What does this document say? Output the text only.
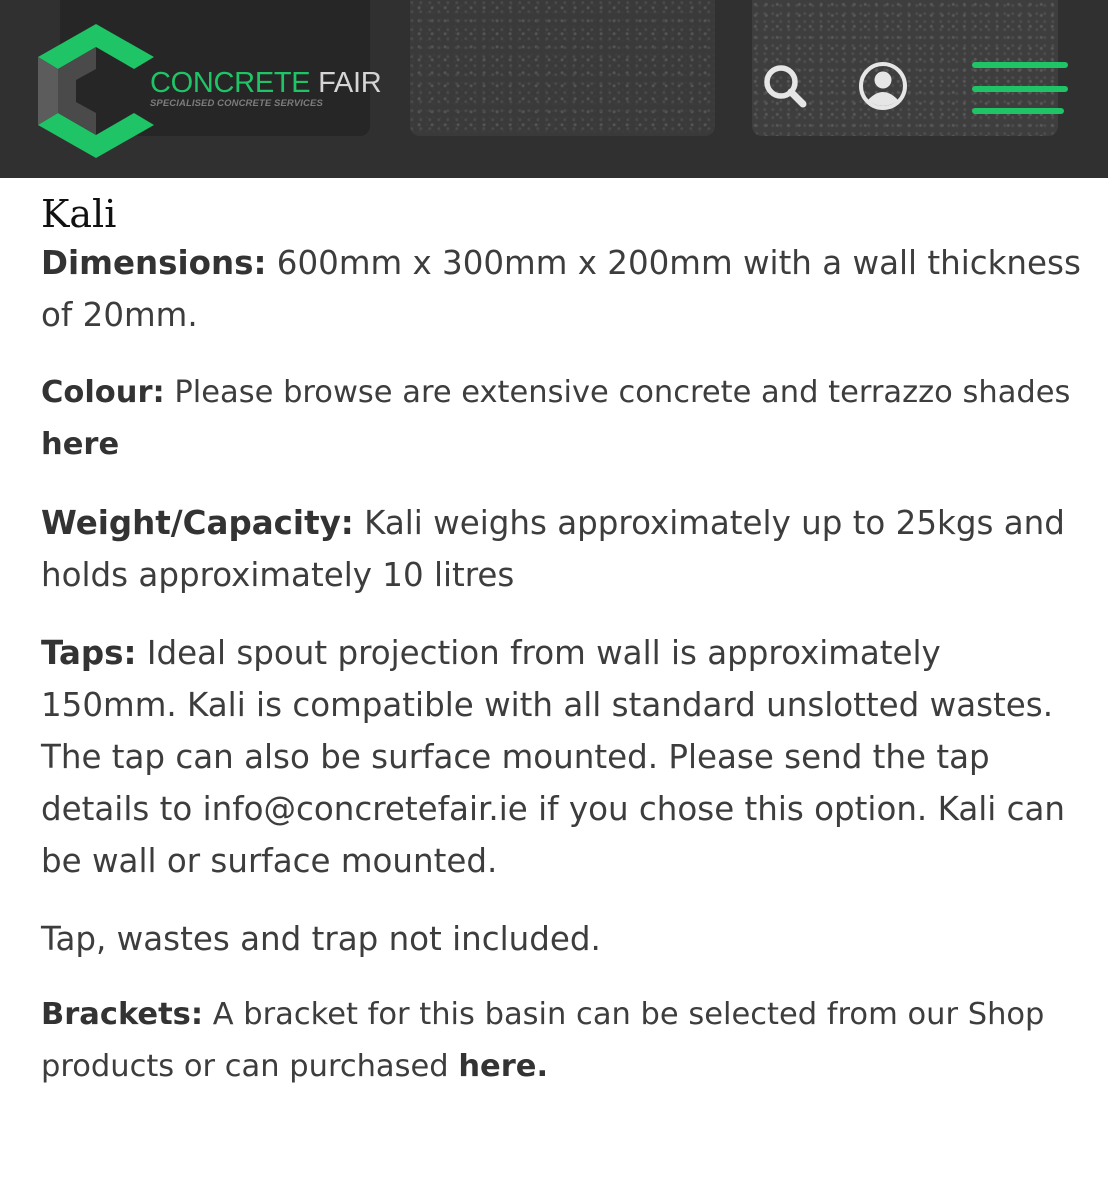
CONCRETE FAIR
SPECIALISED CONCRETE SERVICES
Kali

Dimensions: 600mm x 300mm x 200mm with a wall thickness of 20mm.

Colour: Please browse are extensive concrete and terrazzo shades here

Weight/Capacity: Kali weighs approximately up to 25kgs and holds approximately 10 litres

Taps: Ideal spout projection from wall is approximately 150mm. Kali is compatible with all standard unslotted wastes. The tap can also be surface mounted. Please send the tap details to info@concretefair.ie if you chose this option. Kali can be wall or surface mounted.

Tap, wastes and trap not included.

Brackets: A bracket for this basin can be selected from our Shop products or can purchased here.
